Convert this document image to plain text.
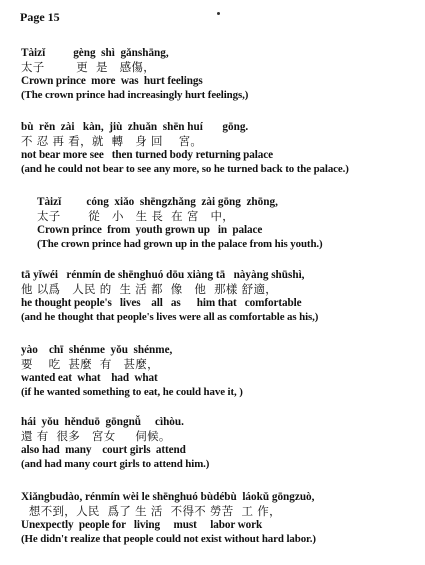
Page 15
Tàizǐ          gèng  shì  gǎnshāng,
太子        更  是   感傷，
Crown prince  more  was  hurt feelings
(The crown prince had increasingly hurt feelings,)
bù  rěn  zài   kàn,  jiù  zhuǎn  shēn huí       gōng.
不 忍 再 看，就  轉   身 回    宮。
not bear more see   then turned body returning palace
(and he could not bear to see any more, so he turned back to the palace.)
Tàizǐ         cóng  xiǎo  shēngzhǎng  zài gōng  zhōng,
太子       從   小   生 長  在 宮   中，
Crown prince  from  youth grown up   in  palace
(The crown prince had grown up in the palace from his youth.)
tā yǐwéi   rénmín de shēnghuó dōu xiàng tā   nàyàng shūshì,
他 以爲   人民 的  生 活 都  像   他  那樣 舒適，
he thought people's   lives    all   as      him that   comfortable
(and he thought that people's lives were all as comfortable as his,)
yào    chī  shénme  yǒu  shénme,
要    吃  甚麼  有   甚麼，
wanted eat  what    had  what
(if he wanted something to eat, he could have it, )
hái  yǒu  hěnduō  gōngnǚ     cìhòu.
還 有  很多   宮女     伺候。
also had  many    court girls  attend
(and had many court girls to attend him.)
Xiǎngbudào, rénmín wèi le shēnghuó bùdébù  láokǔ gōngzuò,
想不到，人民  爲了 生 活  不得不 勞苦  工 作，
Unexpectly  people for   living     must     labor work
(He didn't realize that people could not exist without hard labor.)
